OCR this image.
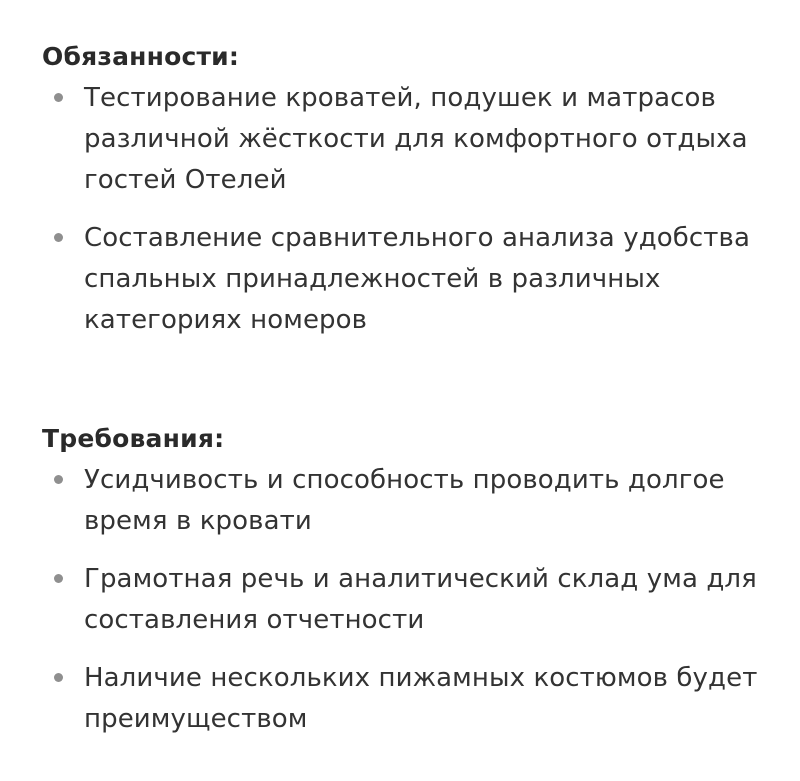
Обязанности:
Тестирование кроватей, подушек и матрасов различной жёсткости для комфортного отдыха гостей Отелей
Составление сравнительного анализа удобства спальных принадлежностей в различных категориях номеров
Требования:
Усидчивость и способность проводить долгое время в кровати
Грамотная речь и аналитический склад ума для составления отчетности
Наличие нескольких пижамных костюмов будет преимуществом
